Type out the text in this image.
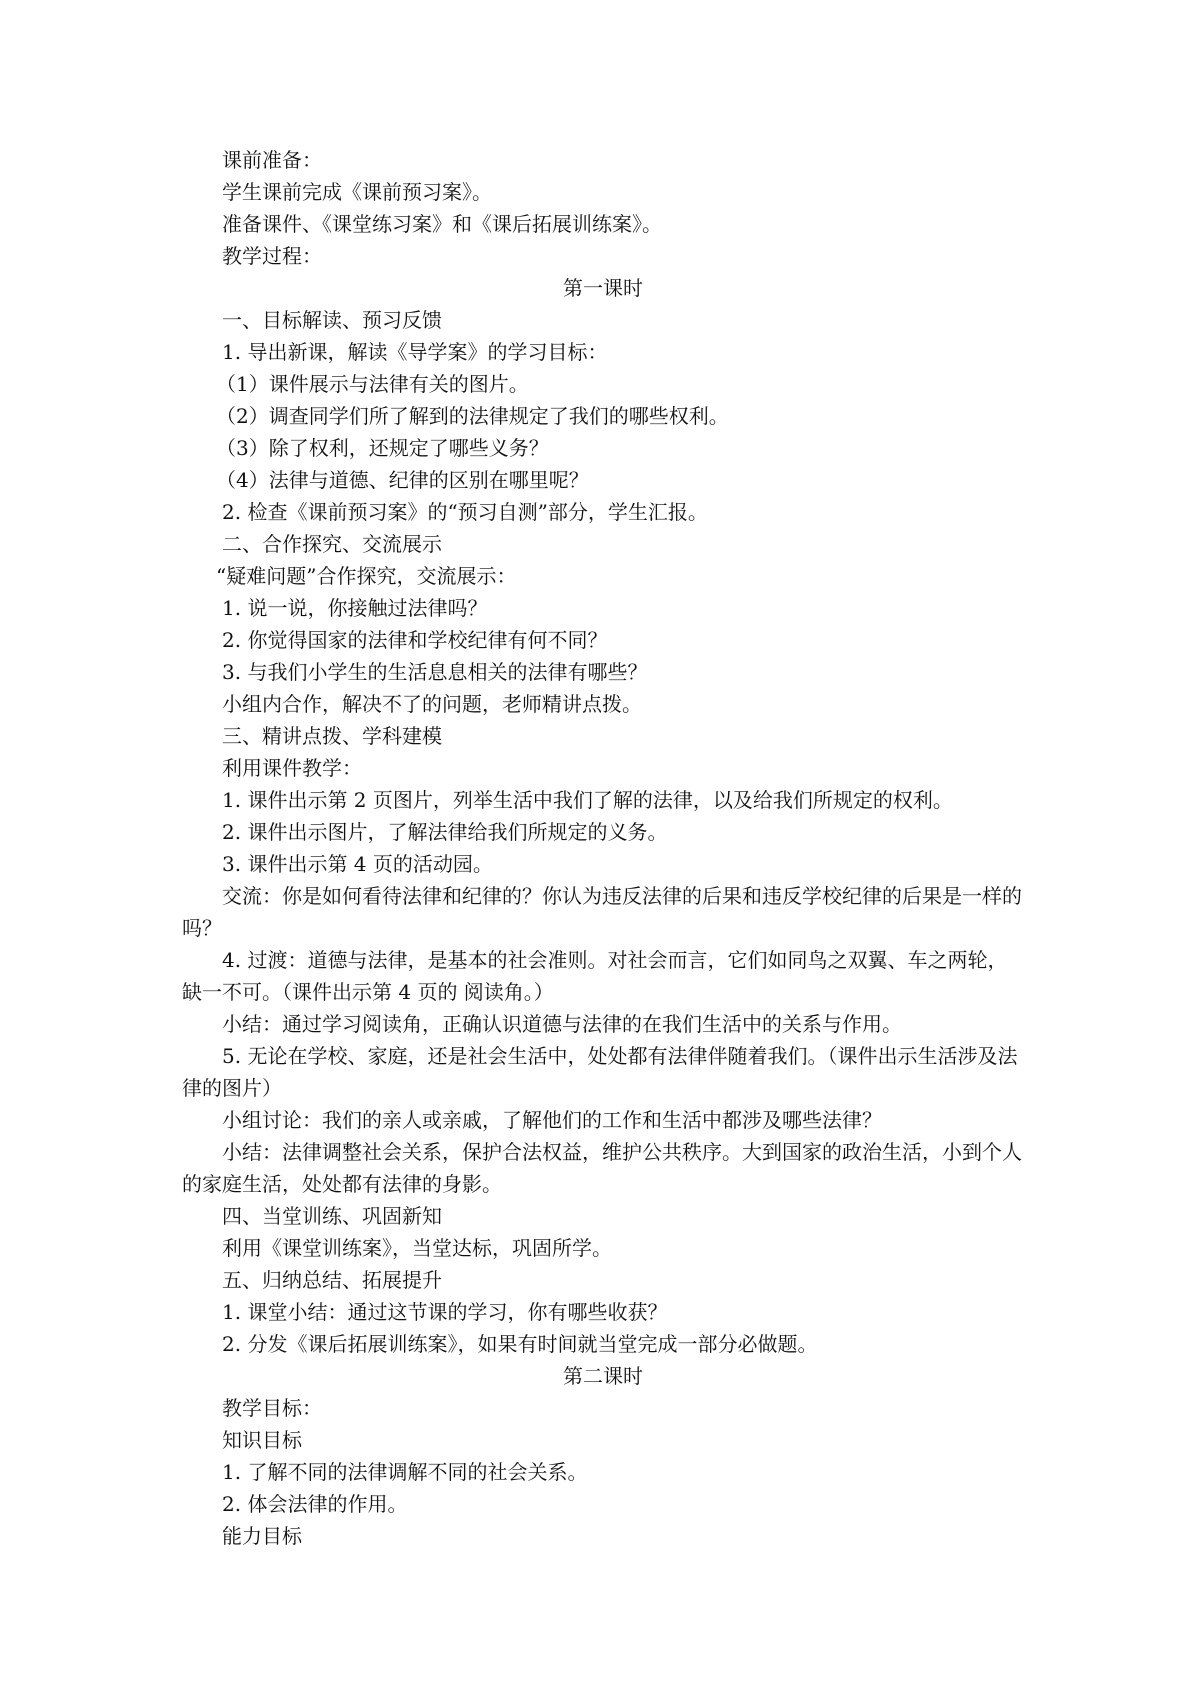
课前准备：

学生课前完成《课前预习案》。

准备课件、《课堂练习案》和《课后拓展训练案》。

教学过程：

第一课时

一、目标解读、预习反馈

1. 导出新课，解读《导学案》的学习目标：

（1）课件展示与法律有关的图片。

（2）调查同学们所了解到的法律规定了我们的哪些权利。

（3）除了权利，还规定了哪些义务？

（4）法律与道德、纪律的区别在哪里呢？

2. 检查《课前预习案》的“预习自测”部分，学生汇报。

二、合作探究、交流展示

“疑难问题”合作探究，交流展示：

1. 说一说，你接触过法律吗？

2. 你觉得国家的法律和学校纪律有何不同？

3. 与我们小学生的生活息息相关的法律有哪些？

小组内合作，解决不了的问题，老师精讲点拨。

三、精讲点拨、学科建模

利用课件教学：

1. 课件出示第 2 页图片，列举生活中我们了解的法律，以及给我们所规定的权利。

2. 课件出示图片，了解法律给我们所规定的义务。

3. 课件出示第 4 页的活动园。

交流：你是如何看待法律和纪律的？你认为违反法律的后果和违反学校纪律的后果是一样的吗？

4. 过渡：道德与法律，是基本的社会准则。对社会而言，它们如同鸟之双翼、车之两轮，缺一不可。（课件出示第 4 页的 阅读角。）

小结：通过学习阅读角，正确认识道德与法律的在我们生活中的关系与作用。

5. 无论在学校、家庭，还是社会生活中，处处都有法律伴随着我们。（课件出示生活涉及法律的图片）

小组讨论：我们的亲人或亲戚，了解他们的工作和生活中都涉及哪些法律？

小结：法律调整社会关系，保护合法权益，维护公共秩序。大到国家的政治生活，小到个人的家庭生活，处处都有法律的身影。

四、当堂训练、巩固新知

利用《课堂训练案》，当堂达标，巩固所学。

五、归纳总结、拓展提升

1. 课堂小结：通过这节课的学习，你有哪些收获？

2. 分发《课后拓展训练案》，如果有时间就当堂完成一部分必做题。

第二课时

教学目标：

知识目标

1. 了解不同的法律调解不同的社会关系。

2. 体会法律的作用。

能力目标
